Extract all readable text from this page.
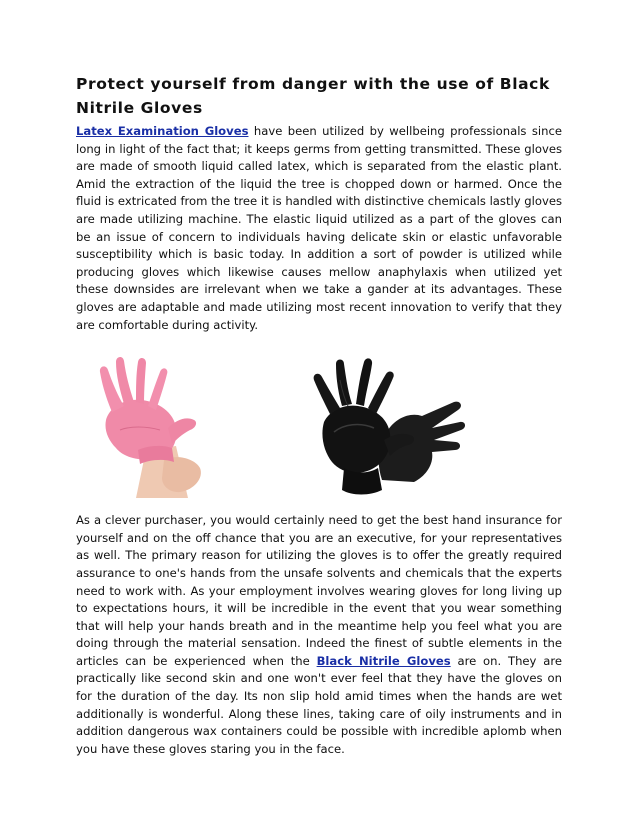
Protect yourself from danger with the use of Black Nitrile Gloves

Latex Examination Gloves have been utilized by wellbeing professionals since long in light of the fact that; it keeps germs from getting transmitted. These gloves are made of smooth liquid called latex, which is separated from the elastic plant. Amid the extraction of the liquid the tree is chopped down or harmed. Once the fluid is extricated from the tree it is handled with distinctive chemicals lastly gloves are made utilizing machine. The elastic liquid utilized as a part of the gloves can be an issue of concern to individuals having delicate skin or elastic unfavorable susceptibility which is basic today. In addition a sort of powder is utilized while producing gloves which likewise causes mellow anaphylaxis when utilized yet these downsides are irrelevant when we take a gander at its advantages. These gloves are adaptable and made utilizing most recent innovation to verify that they are comfortable during activity.

As a clever purchaser, you would certainly need to get the best hand insurance for yourself and on the off chance that you are an executive, for your representatives as well. The primary reason for utilizing the gloves is to offer the greatly required assurance to one's hands from the unsafe solvents and chemicals that the experts need to work with. As your employment involves wearing gloves for long living up to expectations hours, it will be incredible in the event that you wear something that will help your hands breath and in the meantime help you feel what you are doing through the material sensation. Indeed the finest of subtle elements in the articles can be experienced when the Black Nitrile Gloves are on. They are practically like second skin and one won't ever feel that they have the gloves on for the duration of the day. Its non slip hold amid times when the hands are wet additionally is wonderful. Along these lines, taking care of oily instruments and in addition dangerous wax containers could be possible with incredible aplomb when you have these gloves staring you in the face.
